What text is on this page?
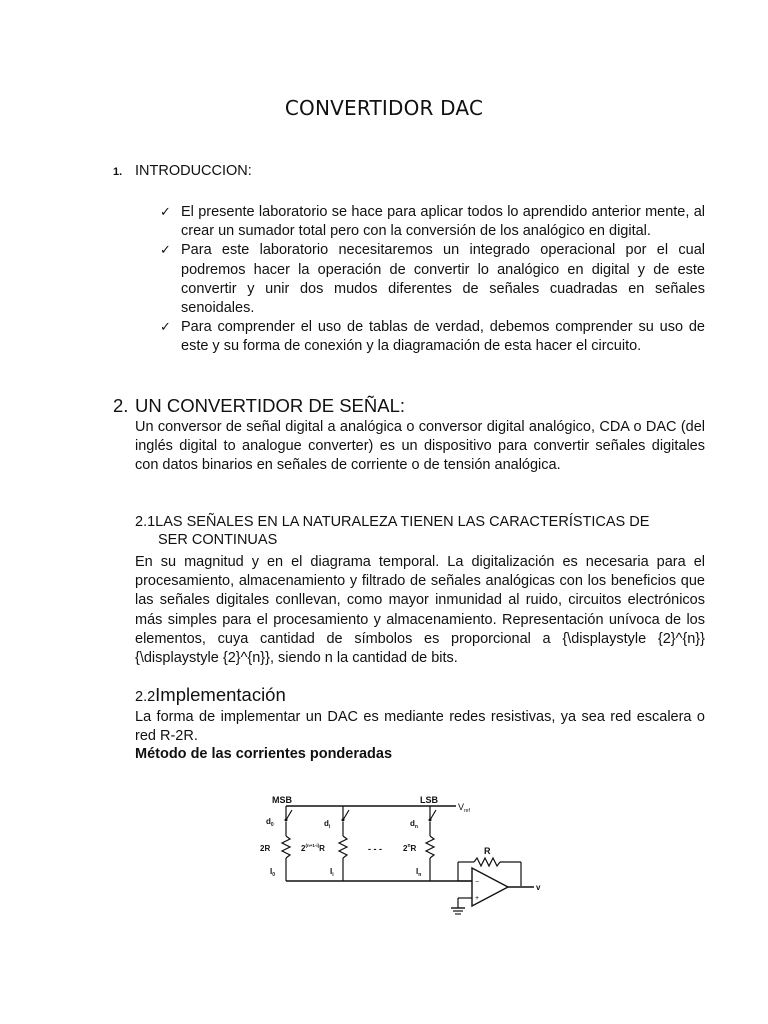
CONVERTIDOR DAC
1. INTRODUCCION:
✓ El presente laboratorio se hace para aplicar todos lo aprendido anterior mente, al crear un sumador total pero con la conversión de los analógico en digital.
✓ Para este laboratorio necesitaremos un integrado operacional por el cual podremos hacer la operación de convertir lo analógico en digital y de este convertir y unir dos mudos diferentes de señales cuadradas en señales senoidales.
✓ Para comprender el uso de tablas de verdad, debemos comprender su uso de este y su forma de conexión y la diagramación de esta hacer el circuito.
2. UN CONVERTIDOR DE SEÑAL:

Un conversor de señal digital a analógica o conversor digital analógico, CDA o DAC (del inglés digital to analogue converter) es un dispositivo para convertir señales digitales con datos binarios en señales de corriente o de tensión analógica.

2.1LAS SEÑALES EN LA NATURALEZA TIENEN LAS CARACTERÍSTICAS DE
SER CONTINUAS

En su magnitud y en el diagrama temporal. La digitalización es necesaria para el procesamiento, almacenamiento y filtrado de señales analógicas con los beneficios que las señales digitales conllevan, como mayor inmunidad al ruido, circuitos electrónicos más simples para el procesamiento y almacenamiento. Representación unívoca de los elementos, cuya cantidad de símbolos es proporcional a {\displaystyle {2}^{n}} {\displaystyle {2}^{n}}, siendo n la cantidad de bits.

2.2Implementación

La forma de implementar un DAC es mediante redes resistivas, ya sea red escalera o red R-2R.

Método de las corrientes ponderadas
MSB	LSB
$V_{ref}$
$d_0$
2R
$I_0$
$d_i$
$2^{(n+1-i)}R$
$I_i$
- - -
$d_n$
2$^n$R
$I_n$
R
−
+
v
